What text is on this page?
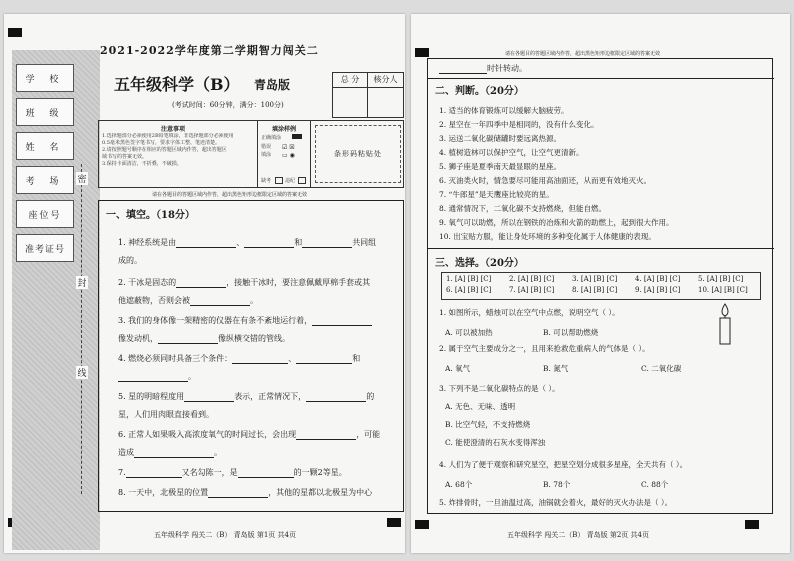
学 校
班 级
姓 名
考 场
座位号
准考证号
密
封
线
2021-2022学年度第二学期智力闯关二
五年级科学（B） 青岛版	总 分	核分人
(考试时间：60分钟，满分：100分)
注意事项
1.选择题部分必须使用2B铅笔填涂，非选择题部分必须使用
0.5毫米黑色签字笔书写，要求字体工整、笔迹清楚。
2.请按照题号顺序在相应的答题区域内作答，超出答题区
域书写的答案无效。
3.保持卡面清洁，不折叠，不破损。
填涂样例
正确填涂
错误
填涂
☑ ☒
▭ ◉
缺考	违纪
条形码粘贴处
请在各题目的答题区域内作答，超出黑色矩形边框限定区域的答案无效
一、填空。（18分）
1. 神经系统是由	、	和	共同组
成的。
2. 干冰是固态的	，接触干冰时，要注意佩戴厚棉手套或其
他遮蔽物，否则会被	。
3. 我们的身体像一架精密的仪器在有条不紊地运行着，
像发动机，	像纵横交错的管线。
4. 燃烧必须同时具备三个条件：	、	和
。
5. 星的明暗程度用	表示，正常情况下，	的
星，人们用肉眼直接看到。
6. 正常人如果吸入高浓度氧气的时间过长，会出现	，可能
造成	。
7.	又名勾陈一，是	的一颗2等星。
8. 一天中，北极星的位置	，其他的星都以北极星为中心
五年级科学 闯关二（B） 青岛版 第1页 共4页
请在各题目的答题区域内作答，超出黑色矩形边框限定区域的答案无效
时针转动。
二、判断。（20分）
1. 适当的体育锻炼可以缓解大脑疲劳。
2. 星空在一年四季中是相同的，没有什么变化。
3. 运送二氧化碳储罐时要远离热源。
4. 植树造林可以保护空气，让空气更清新。
5. 狮子座是夏季南天最显眼的星座。
6. 灭油类火时，情急要尽可能用高油面还，从而更有效地灭火。
7. “牛郎星”是天鹰座比较亮的星。
8. 通常情况下，二氧化碳不支持燃烧，但能自燃。
9. 氧气可以助燃，所以在钢铁的冶炼和火箭的助燃上，起到很大作用。
10. 出宝贴方服，能让身处环境的多种变化属于人体健康的表现。
三、选择。（20分）
1. [A] [B] [C]	2. [A] [B] [C]	3. [A] [B] [C]	4. [A] [B] [C]	5. [A] [B] [C]
6. [A] [B] [C]	7. [A] [B] [C]	8. [A] [B] [C]	9. [A] [B] [C]	10. [A] [B] [C]
1. 如图所示，蜡烛可以在空气中点燃，说明空气（ ）。
A. 可以被加热	B. 可以帮助燃烧
2. 属于空气主要成分之一，且用来抢救危重病人的气体是（ ）。
A. 氧气	B. 氮气	C. 二氧化碳
3. 下列不是二氧化碳特点的是（ ）。
A. 无色、无味、透明
B. 比空气轻，不支持燃烧
C. 能使澄清的石灰水变得浑浊
4. 人们为了便于观察和研究星空，把星空划分成很多星座，全天共有（ ）。
A. 68个	B. 78个	C. 88个
5. 炸排骨时，一旦油温过高，油锅就会着火，最好的灭火办法是（ ）。
五年级科学 闯关二（B） 青岛版 第2页 共4页
